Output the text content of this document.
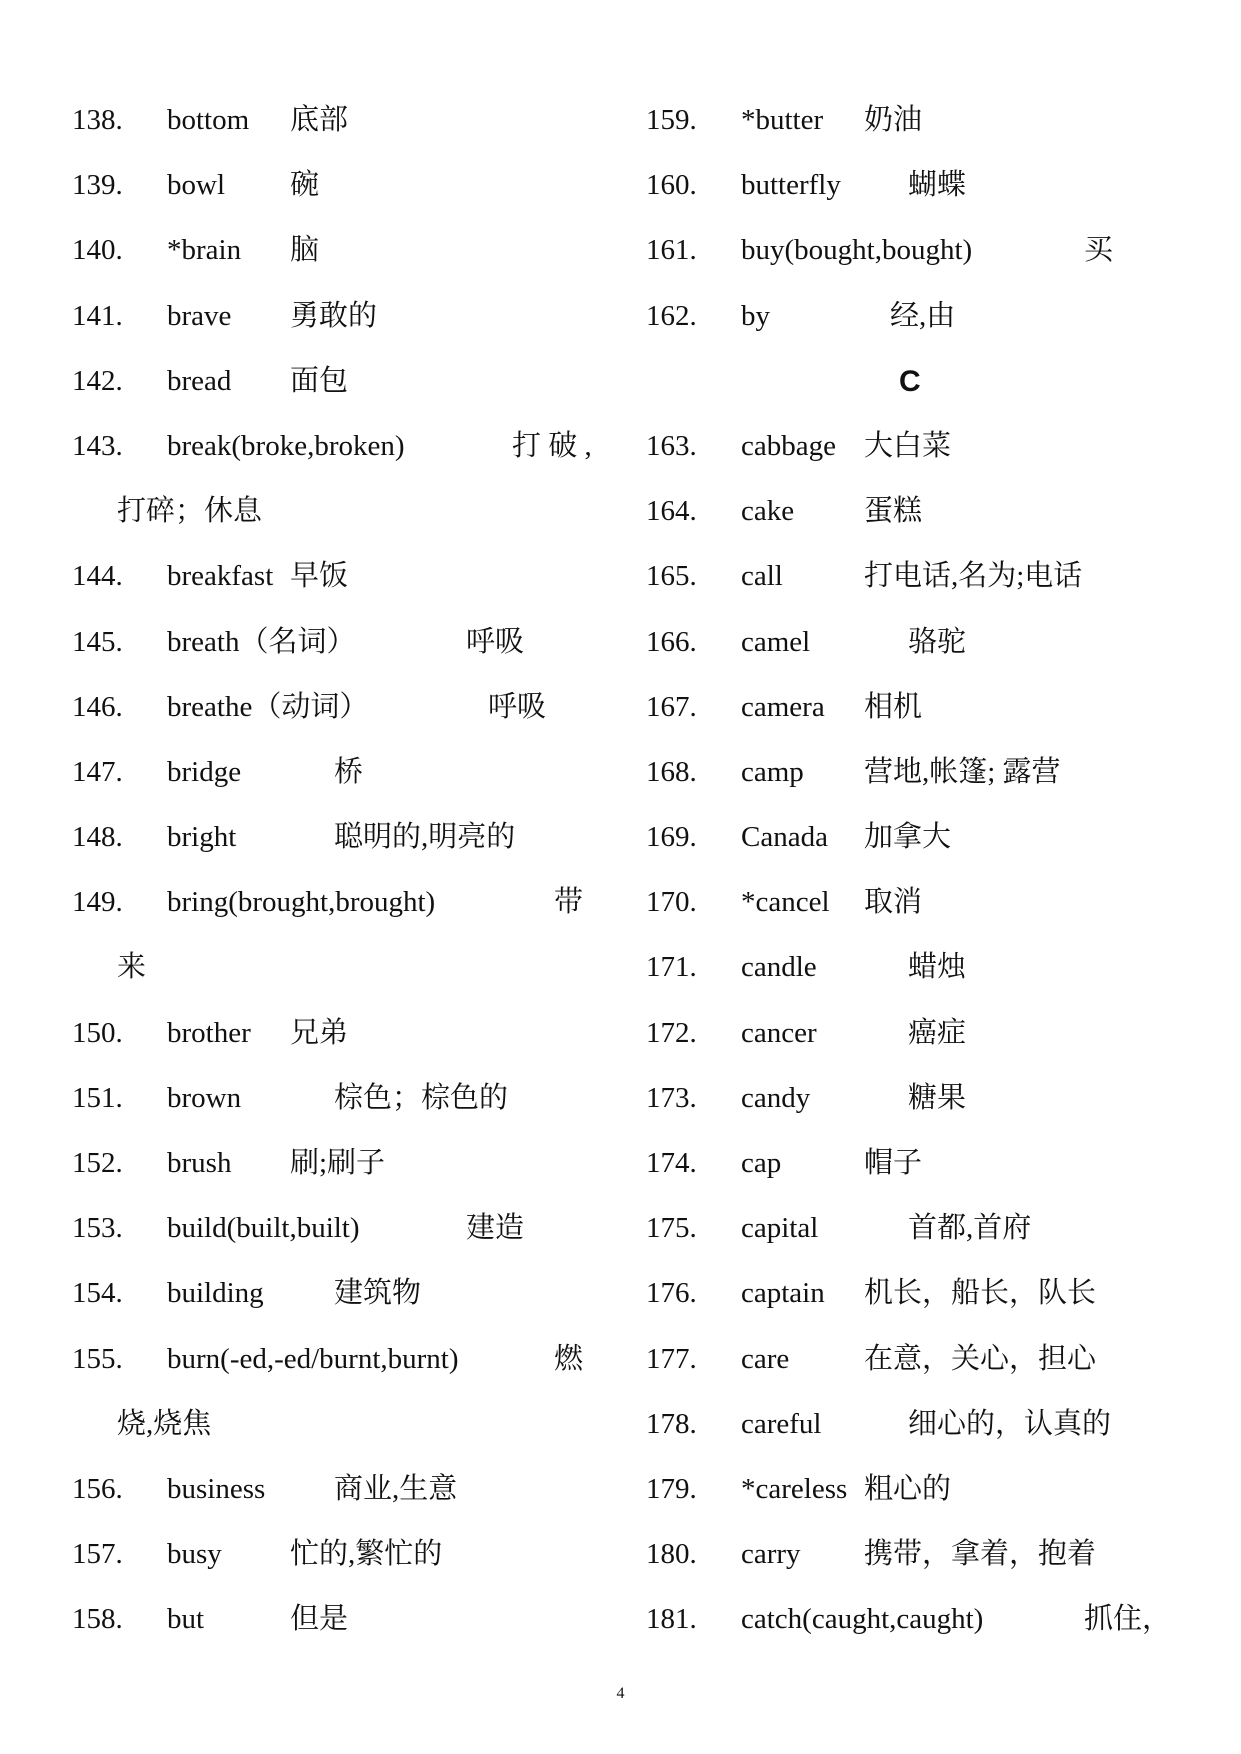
138. bottom 底部
139. bowl 碗
140. *brain 脑
141. brave 勇敢的
142. bread 面包
143. break(broke,broken)	打 破 ,
打碎；休息
144. breakfast 早饭
145. breath（名词）	呼吸
146. breathe（动词）	呼吸
147. bridge	桥
148. bright	聪明的,明亮的
149. bring(brought,brought)	带
来
150. brother 兄弟
151. brown	棕色；棕色的
152. brush 刷;刷子
153. build(built,built)	建造
154. building 建筑物
155. burn(-ed,-ed/burnt,burnt)	燃
烧,烧焦
156. business 商业,生意
157. busy 忙的,繁忙的
158. but	但是
159. *butter 奶油
160. butterfly 蝴蝶
161. buy(bought,bought)	买
162. by	经,由
C
163. cabbage 大白菜
164. cake 蛋糕
165. call	打电话,名为;电话
166. camel	骆驼
167. camera 相机
168. camp 营地,帐篷; 露营
169. Canada 加拿大
170. *cancel 取消
171. candle	蜡烛
172. cancer	癌症
173. candy	糖果
174. cap	帽子
175. capital	首都,首府
176. captain 机长，船长，队长
177. care	在意，关心，担心
178. careful	细心的，认真的
179. *careless 粗心的
180. carry 携带，拿着，抱着
181. catch(caught,caught)	抓住，
4
